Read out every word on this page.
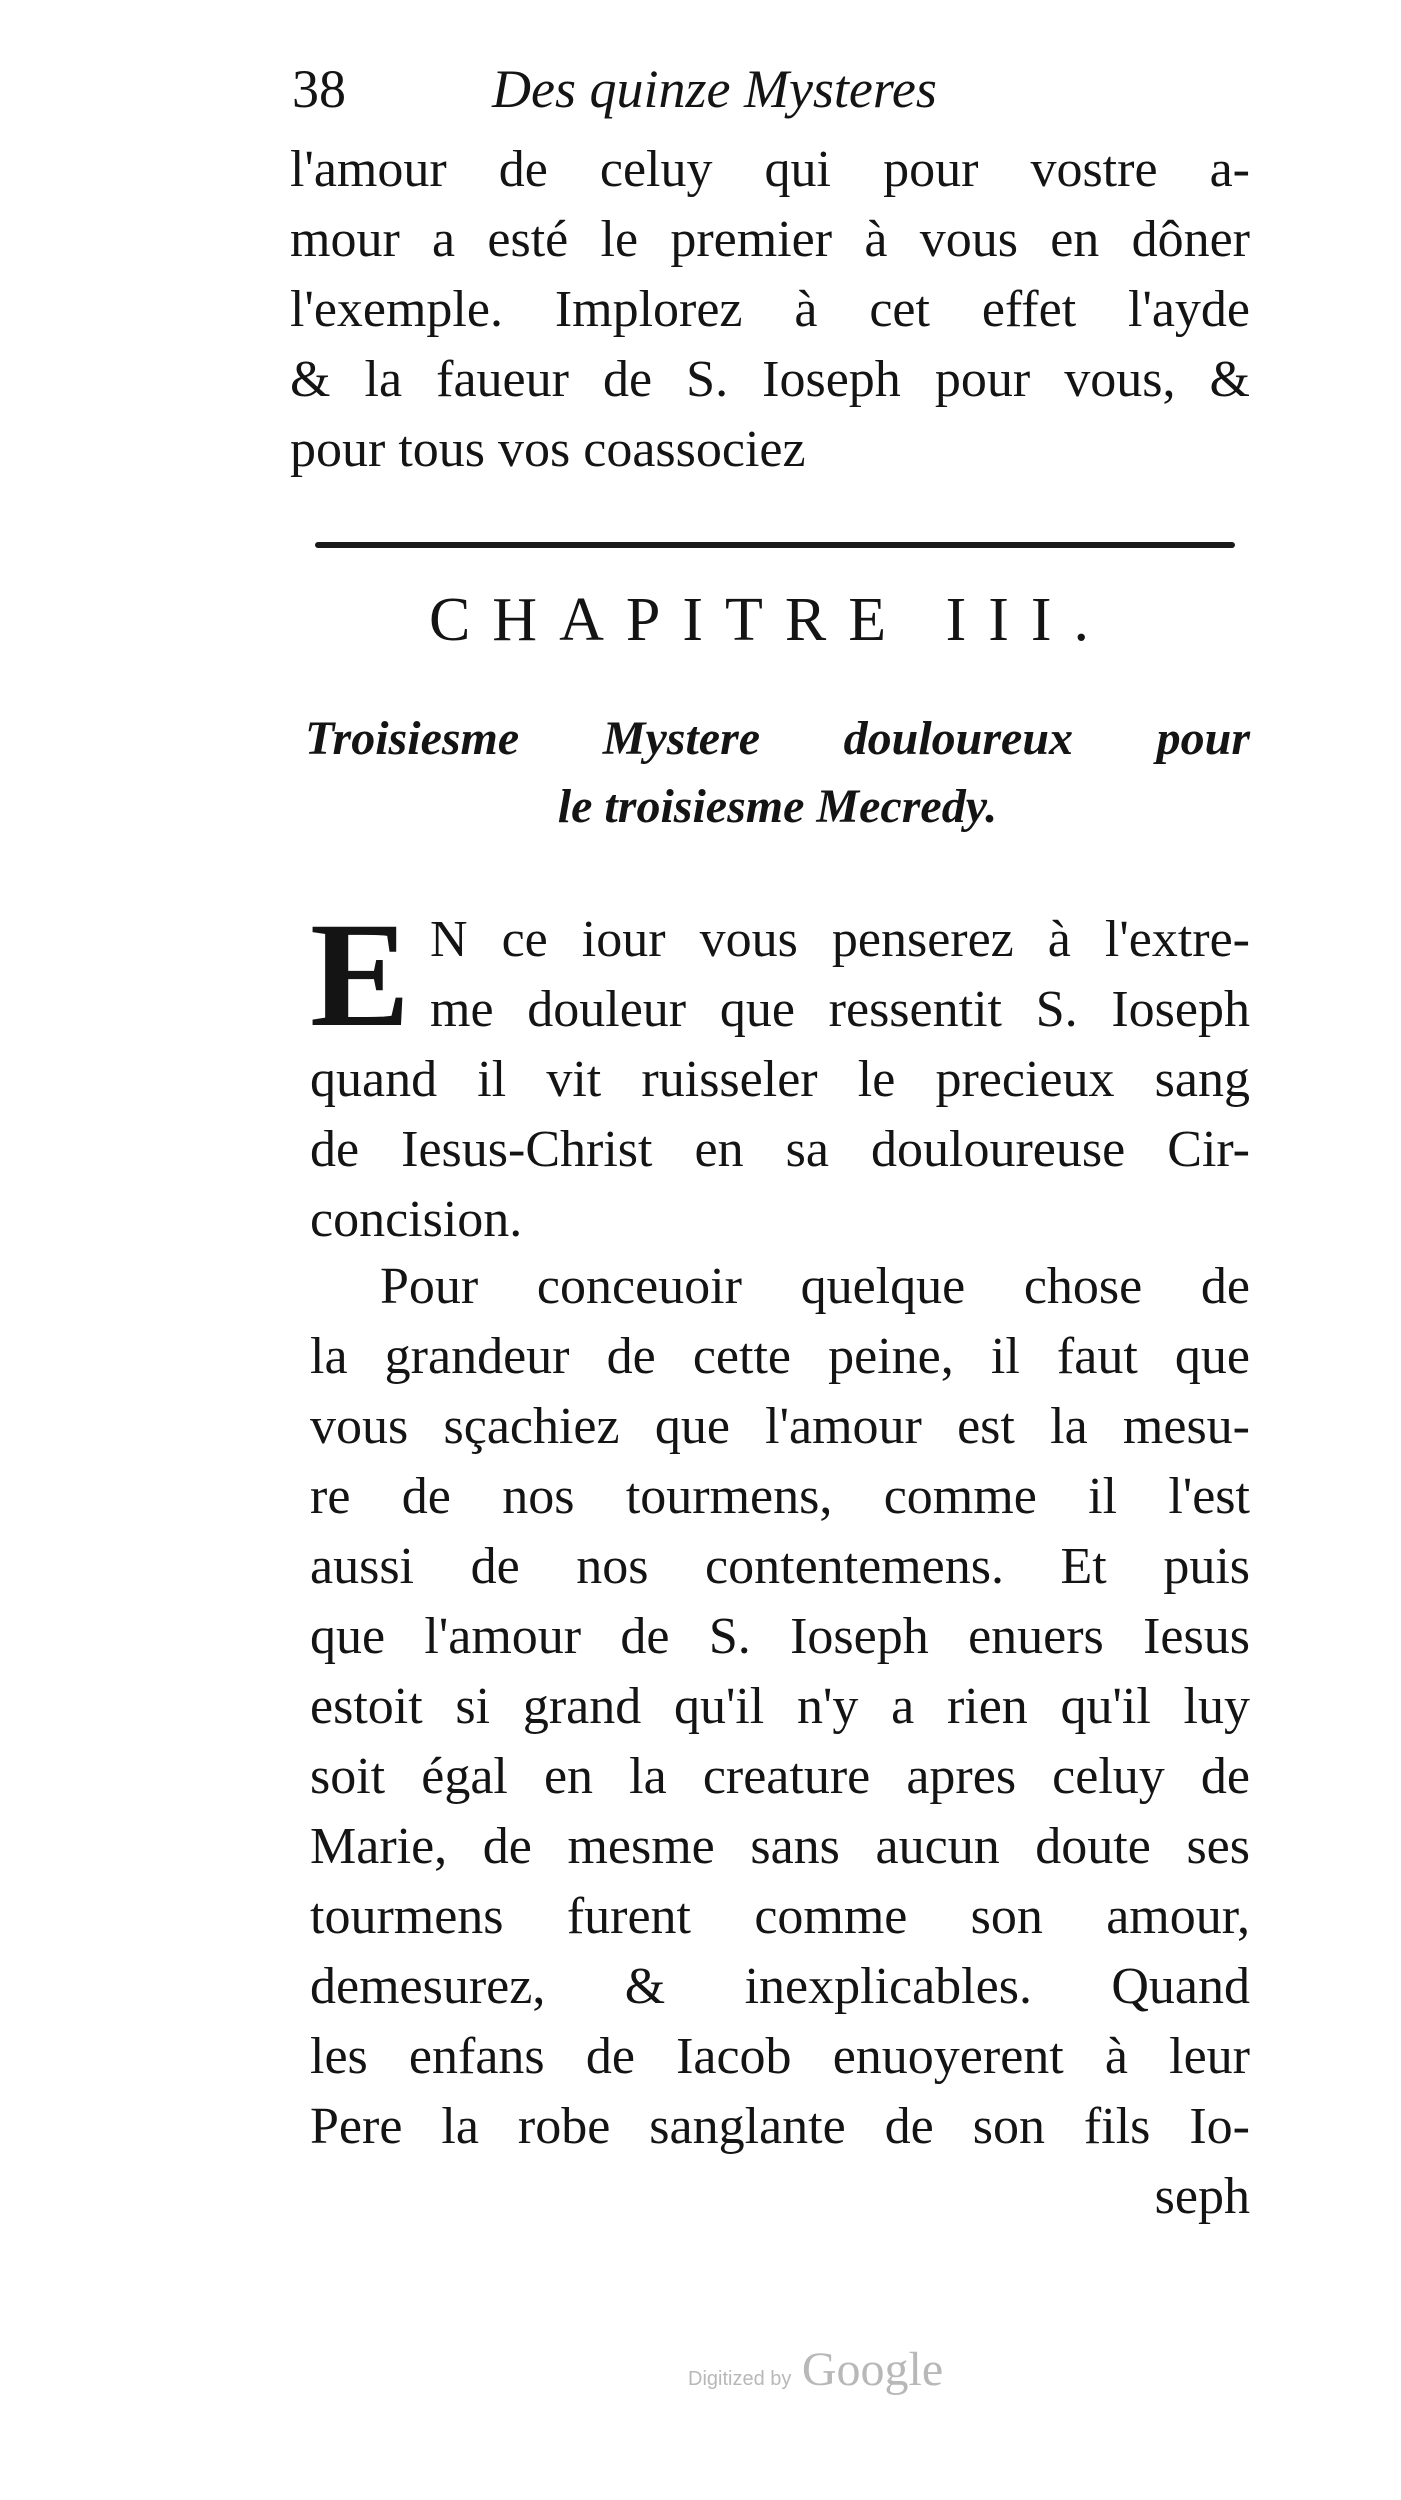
38	Des quinze Mysteres
l'amour de celuy qui pour vostre a-
mour a esté le premier à vous en dôner
l'exemple. Implorez à cet effet l'ayde
& la faueur de S. Ioseph pour vous, &
pour tous vos coassociez
CHAPITRE III.
Troisiesme Mystere douloureux pour
le troisiesme Mecredy.
E N ce iour vous penserez à l'extre-
me douleur que ressentit S. Ioseph
quand il vit ruisseler le precieux sang
de Iesus-Christ en sa douloureuse Cir-
concision.
Pour conceuoir quelque chose de
la grandeur de cette peine, il faut que
vous sçachiez que l'amour est la mesu-
re de nos tourmens, comme il l'est
aussi de nos contentemens. Et puis
que l'amour de S. Ioseph enuers Iesus
estoit si grand qu'il n'y a rien qu'il luy
soit égal en la creature apres celuy de
Marie, de mesme sans aucun doute ses
tourmens furent comme son amour,
demesurez, & inexplicables. Quand
les enfans de Iacob enuoyerent à leur
Pere la robe sanglante de son fils Io-
seph
Digitized by Google
